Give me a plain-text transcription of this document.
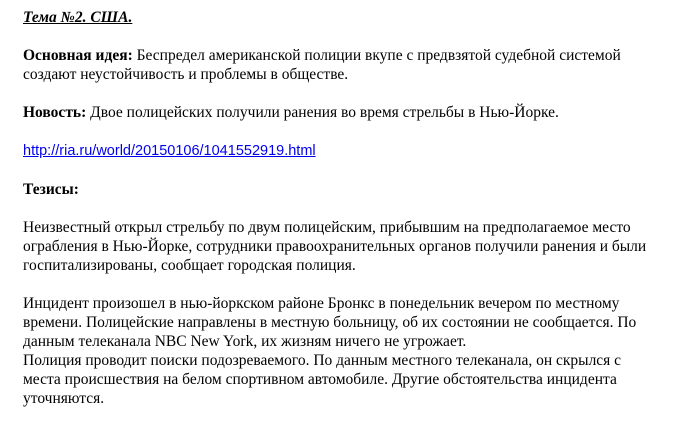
Тема №2. США.

Основная идея: Беспредел американской полиции вкупе с предвзятой судебной системой создают неустойчивость и проблемы в обществе.

Новость: Двое полицейских получили ранения во время стрельбы в Нью-Йорке.

http://ria.ru/world/20150106/1041552919.html

Тезисы:

Неизвестный открыл стрельбу по двум полицейским, прибывшим на предполагаемое место ограбления в Нью-Йорке, сотрудники правоохранительных органов получили ранения и были госпитализированы, сообщает городская полиция.

Инцидент произошел в нью-йоркском районе Бронкс в понедельник вечером по местному времени. Полицейские направлены в местную больницу, об их состоянии не сообщается. По данным телеканала NBC New York, их жизням ничего не угрожает.

Полиция проводит поиски подозреваемого. По данным местного телеканала, он скрылся с места происшествия на белом спортивном автомобиле. Другие обстоятельства инцидента уточняются.
